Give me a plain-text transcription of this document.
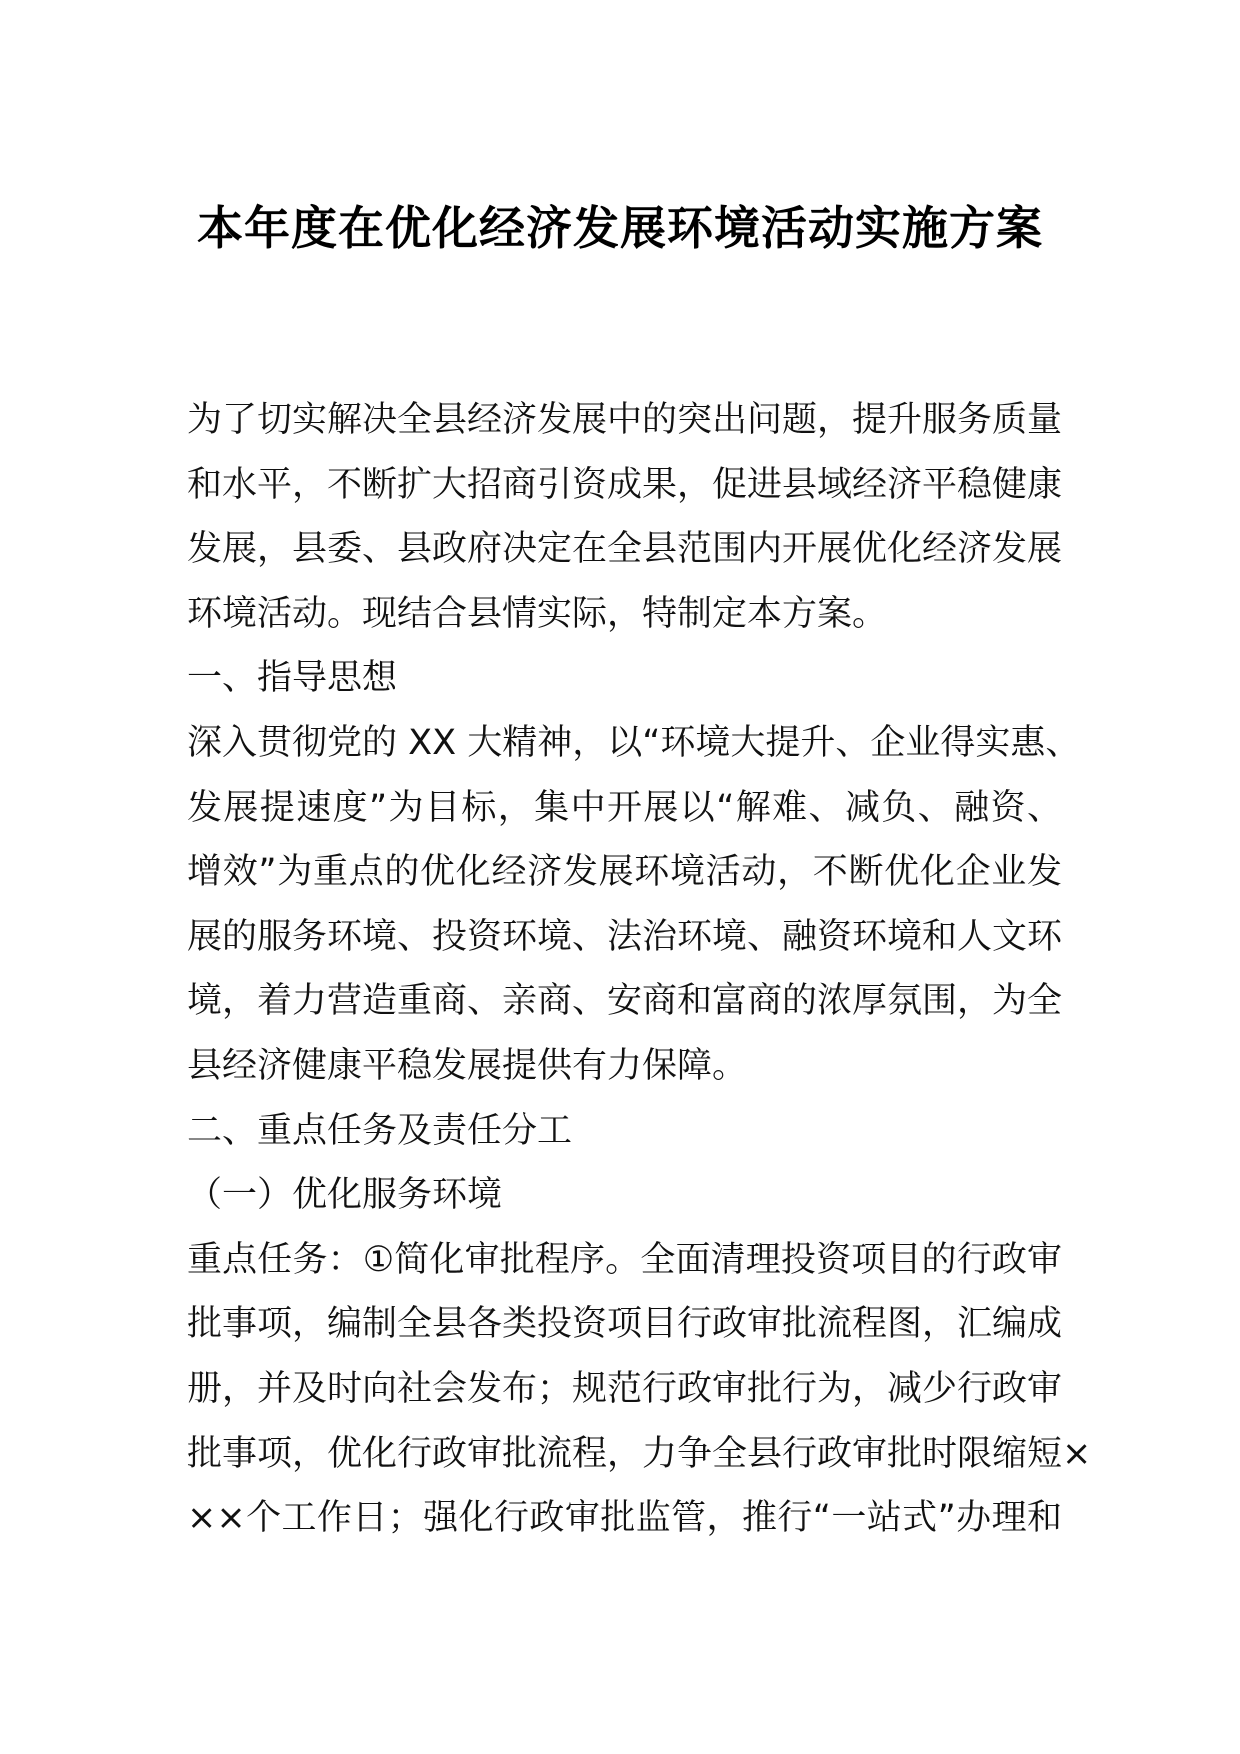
本年度在优化经济发展环境活动实施方案
为了切实解决全县经济发展中的突出问题，提升服务质量
和水平，不断扩大招商引资成果，促进县域经济平稳健康
发展，县委、县政府决定在全县范围内开展优化经济发展
环境活动。现结合县情实际，特制定本方案。
一、指导思想
深入贯彻党的 XX 大精神，以“环境大提升、企业得实惠、
发展提速度”为目标，集中开展以“解难、减负、融资、
增效”为重点的优化经济发展环境活动，不断优化企业发
展的服务环境、投资环境、法治环境、融资环境和人文环
境，着力营造重商、亲商、安商和富商的浓厚氛围，为全
县经济健康平稳发展提供有力保障。
二、重点任务及责任分工
（一）优化服务环境
重点任务：①简化审批程序。全面清理投资项目的行政审
批事项，编制全县各类投资项目行政审批流程图，汇编成
册，并及时向社会发布；规范行政审批行为，减少行政审
批事项，优化行政审批流程，力争全县行政审批时限缩短×
××个工作日；强化行政审批监管，推行“一站式”办理和
